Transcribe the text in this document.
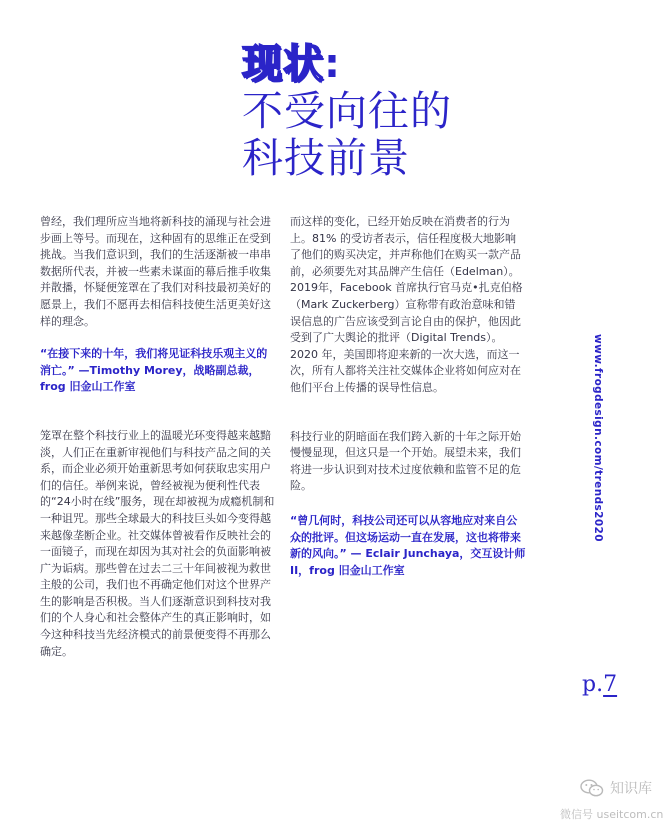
现状:
不受向往的
科技前景

曾经，我们理所应当地将新科技的涌现与社会进步画上等号。而现在，这种固有的思维正在受到挑战。当我们意识到，我们的生活逐渐被一串串数据所代表，并被一些素未谋面的幕后推手收集并散播，怀疑便笼罩在了我们对科技最初美好的愿景上，我们不愿再去相信科技使生活更美好这样的理念。

“在接下来的十年，我们将见证科技乐观主义的消亡。” —Timothy Morey，战略副总裁，frog 旧金山工作室

笼罩在整个科技行业上的温暖光环变得越来越黯淡，人们正在重新审视他们与科技产品之间的关系，而企业必须开始重新思考如何获取忠实用户们的信任。举例来说，曾经被视为便利性代表的“24小时在线”服务，现在却被视为成瘾机制和一种诅咒。那些全球最大的科技巨头如今变得越来越像垄断企业。社交媒体曾被看作反映社会的一面镜子，而现在却因为其对社会的负面影响被广为诟病。那些曾在过去二三十年间被视为救世主般的公司，我们也不再确定他们对这个世界产生的影响是否积极。当人们逐渐意识到科技对我们的个人身心和社会整体产生的真正影响时，如今这种科技当先经济模式的前景便变得不再那么确定。

而这样的变化，已经开始反映在消费者的行为上。81% 的受访者表示，信任程度极大地影响了他们的购买决定，并声称他们在购买一款产品前，必须要先对其品牌产生信任（Edelman）。2019年，Facebook 首席执行官马克•扎克伯格（Mark Zuckerberg）宣称带有政治意味和错误信息的广告应该受到言论自由的保护，他因此受到了广大舆论的批评（Digital Trends）。2020 年，美国即将迎来新的一次大选，而这一次，所有人都将关注社交媒体企业将如何应对在他们平台上传播的误导性信息。

科技行业的阴暗面在我们跨入新的十年之际开始慢慢显现，但这只是一个开始。展望未来，我们将进一步认识到对技术过度依赖和监管不足的危险。

“曾几何时，科技公司还可以从容地应对来自公众的批评。但这场运动一直在发展，这也将带来新的风向。” — Eclair Junchaya，交互设计师 II，frog 旧金山工作室

www.frogdesign.com/trends2020
p.7
知识库
微信号 useitcom.cn
